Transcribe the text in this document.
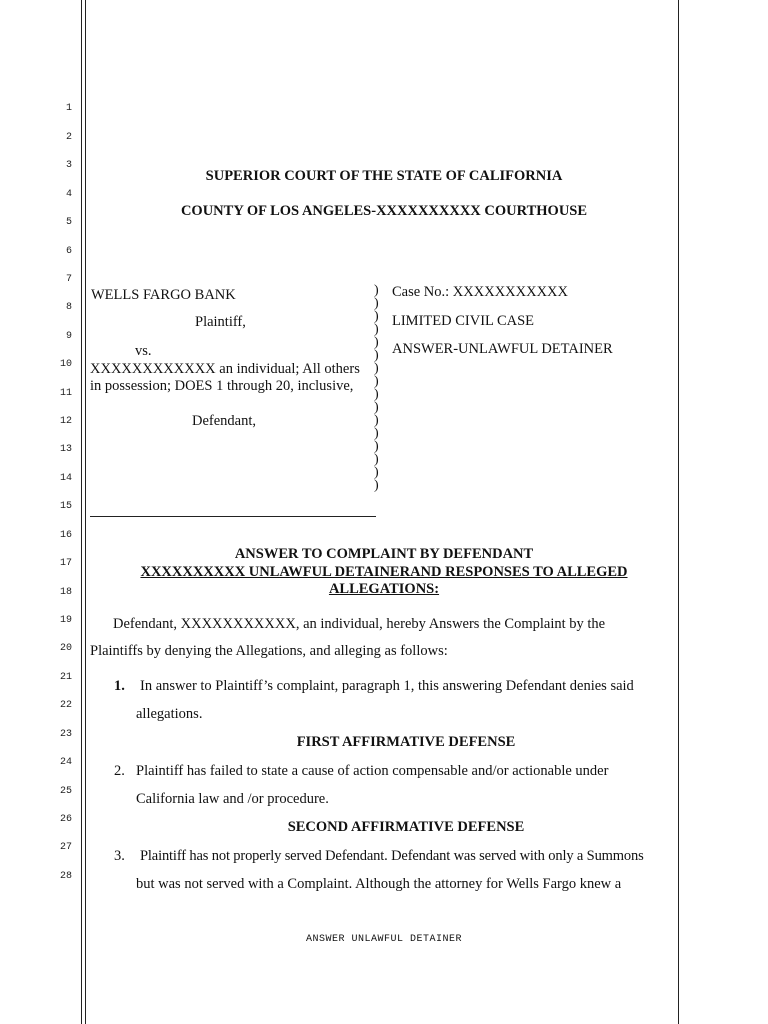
1
2
3
4
5
6
7
8
9
10
11
12
13
14
15
16
17
18
19
20
21
22
23
24
25
26
27
28
SUPERIOR COURT OF THE STATE OF CALIFORNIA
COUNTY OF LOS ANGELES-XXXXXXXXXX COURTHOUSE
WELLS FARGO BANK
Plaintiff,
vs.
XXXXXXXXXXXX an individual; All others
in possession; DOES 1 through 20, inclusive,
Defendant,
)
)
)
)
)
)
)
)
)
)
)
)
)
)
)
)
Case No.: XXXXXXXXXXX
LIMITED CIVIL CASE
ANSWER-UNLAWFUL DETAINER
ANSWER TO COMPLAINT BY DEFENDANT
XXXXXXXXXX UNLAWFUL DETAINERAND RESPONSES TO ALLEGED
ALLEGATIONS:
Defendant, XXXXXXXXXXX, an individual, hereby Answers the Complaint by the
Plaintiffs by denying the Allegations, and alleging as follows:
1. In answer to Plaintiff’s complaint, paragraph 1, this answering Defendant denies said
allegations.
FIRST AFFIRMATIVE DEFENSE
2. Plaintiff has failed to state a cause of action compensable and/or actionable under
California law and /or procedure.
SECOND AFFIRMATIVE DEFENSE
3. Plaintiff has not properly served Defendant. Defendant was served with only a Summons
but was not served with a Complaint. Although the attorney for Wells Fargo knew a
ANSWER UNLAWFUL DETAINER
